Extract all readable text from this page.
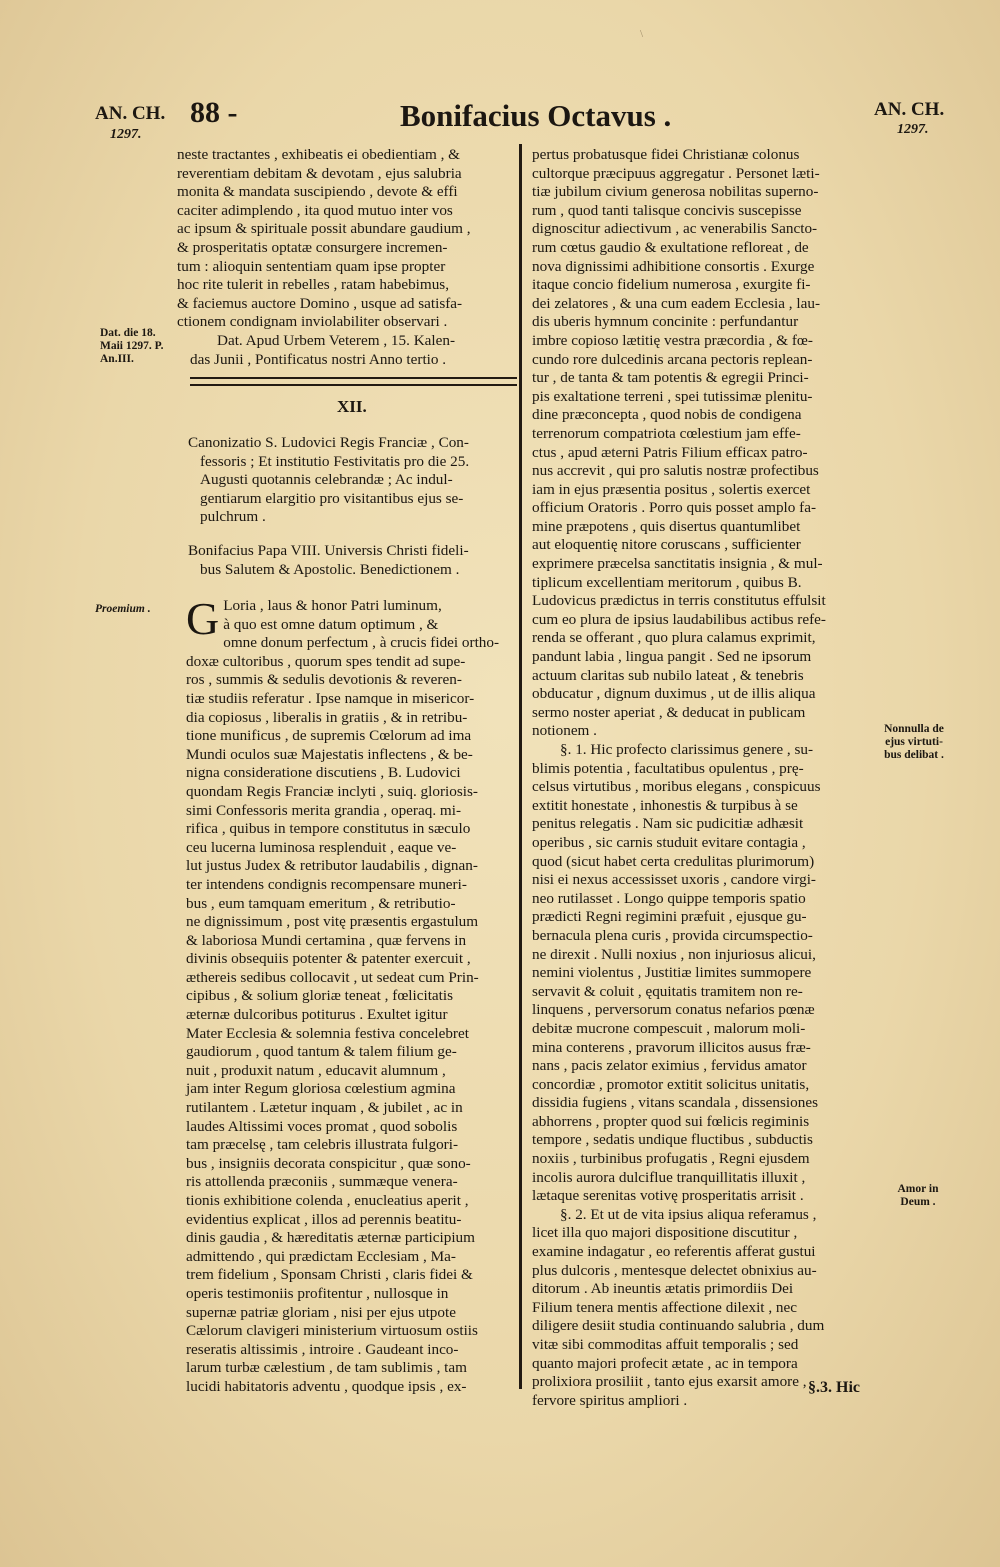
\
AN. CH.
1297.
88 -	Bonifacius Octavus .	AN. CH.
1297.
neste tractantes , exhibeatis ei obedientiam , &
reverentiam debitam & devotam , ejus salubria
monita & mandata suscipiendo , devote & effi
caciter adimplendo , ita quod mutuo inter vos
ac ipsum & spirituale possit abundare gaudium ,
& prosperitatis optatæ consurgere incremen-
tum : alioquin sententiam quam ipse propter
hoc rite tulerit in rebelles , ratam habebimus,
& faciemus auctore Domino , usque ad satisfa-
ctionem condignam inviolabiliter observari .
Dat. Apud Urbem Veterem , 15. Kalen-
das Junii , Pontificatus nostri Anno tertio .
XII.
Canonizatio S. Ludovici Regis Franciæ , Con-
fessoris ; Et institutio Festivitatis pro die 25.
Augusti quotannis celebrandæ ; Ac indul-
gentiarum elargitio pro visitantibus ejus se-
pulchrum .
Bonifacius Papa VIII. Universis Christi fideli-
bus Salutem & Apostolic. Benedictionem .
G Loria , laus & honor Patri luminum,
à quo est omne datum optimum , &
omne donum perfectum , à crucis fidei ortho-
doxæ cultoribus , quorum spes tendit ad supe-
ros , summis & sedulis devotionis & reveren-
tiæ studiis referatur . Ipse namque in misericor-
dia copiosus , liberalis in gratiis , & in retribu-
tione munificus , de supremis Cœlorum ad ima
Mundi oculos suæ Majestatis inflectens , & be-
nigna consideratione discutiens , B. Ludovici
quondam Regis Franciæ inclyti , suiq. gloriosis-
simi Confessoris merita grandia , operaq. mi-
rifica , quibus in tempore constitutus in sæculo
ceu lucerna luminosa resplenduit , eaque ve-
lut justus Judex & retributor laudabilis , dignan-
ter intendens condignis recompensare muneri-
bus , eum tamquam emeritum , & retributio-
ne dignissimum , post vitę præsentis ergastulum
& laboriosa Mundi certamina , quæ fervens in
divinis obsequiis potenter & patenter exercuit ,
æthereis sedibus collocavit , ut sedeat cum Prin-
cipibus , & solium gloriæ teneat , fœlicitatis
æternæ dulcoribus potiturus . Exultet igitur
Mater Ecclesia & solemnia festiva concelebret
gaudiorum , quod tantum & talem filium ge-
nuit , produxit natum , educavit alumnum ,
jam inter Regum gloriosa cœlestium agmina
rutilantem . Lætetur inquam , & jubilet , ac in
laudes Altissimi voces promat , quod sobolis
tam præcelsę , tam celebris illustrata fulgori-
bus , insigniis decorata conspicitur , quæ sono-
ris attollenda præconiis , summæque venera-
tionis exhibitione colenda , enucleatius aperit ,
evidentius explicat , illos ad perennis beatitu-
dinis gaudia , & hæreditatis æternæ participium
admittendo , qui prædictam Ecclesiam , Ma-
trem fidelium , Sponsam Christi , claris fidei &
operis testimoniis profitentur , nullosque in
supernæ patriæ gloriam , nisi per ejus utpote
Cælorum clavigeri ministerium virtuosum ostiis
reseratis altissimis , introire . Gaudeant inco-
larum turbæ cælestium , de tam sublimis , tam
lucidi habitatoris adventu , quodque ipsis , ex-
pertus probatusque fidei Christianæ colonus
cultorque præcipuus aggregatur . Personet læti-
tiæ jubilum civium generosa nobilitas superno-
rum , quod tanti talisque concivis suscepisse
dignoscitur adiectivum , ac venerabilis Sancto-
rum cœtus gaudio & exultatione refloreat , de
nova dignissimi adhibitione consortis . Exurge
itaque concio fidelium numerosa , exurgite fi-
dei zelatores , & una cum eadem Ecclesia , lau-
dis uberis hymnum concinite : perfundantur
imbre copioso lætitię vestra præcordia , & fœ-
cundo rore dulcedinis arcana pectoris replean-
tur , de tanta & tam potentis & egregii Princi-
pis exaltatione terreni , spei tutissimæ plenitu-
dine præconcepta , quod nobis de condigena
terrenorum compatriota cœlestium jam effe-
ctus , apud æterni Patris Filium efficax patro-
nus accrevit , qui pro salutis nostræ profectibus
iam in ejus præsentia positus , solertis exercet
officium Oratoris . Porro quis posset amplo fa-
mine præpotens , quis disertus quantumlibet
aut eloquentię nitore coruscans , sufficienter
exprimere præcelsa sanctitatis insignia , & mul-
tiplicum excellentiam meritorum , quibus B.
Ludovicus prædictus in terris constitutus effulsit
cum eo plura de ipsius laudabilibus actibus refe-
renda se offerant , quo plura calamus exprimit,
pandunt labia , lingua pangit . Sed ne ipsorum
actuum claritas sub nubilo lateat , & tenebris
obducatur , dignum duximus , ut de illis aliqua
sermo noster aperiat , & deducat in publicam
notionem .
§. 1. Hic profecto clarissimus genere , su-
blimis potentia , facultatibus opulentus , prę-
celsus virtutibus , moribus elegans , conspicuus
extitit honestate , inhonestis & turpibus à se
penitus relegatis . Nam sic pudicitiæ adhæsit
operibus , sic carnis studuit evitare contagia ,
quod (sicut habet certa credulitas plurimorum)
nisi ei nexus accessisset uxoris , candore virgi-
neo rutilasset . Longo quippe temporis spatio
prædicti Regni regimini præfuit , ejusque gu-
bernacula plena curis , provida circumspectio-
ne direxit . Nulli noxius , non injuriosus alicui,
nemini violentus , Justitiæ limites summopere
servavit & coluit , ęquitatis tramitem non re-
linquens , perversorum conatus nefarios pœnæ
debitæ mucrone compescuit , malorum moli-
mina conterens , pravorum illicitos ausus fræ-
nans , pacis zelator eximius , fervidus amator
concordiæ , promotor extitit solicitus unitatis,
dissidia fugiens , vitans scandala , dissensiones
abhorrens , propter quod sui fœlicis regiminis
tempore , sedatis undique fluctibus , subductis
noxiis , turbinibus profugatis , Regni ejusdem
incolis aurora dulciflue tranquillitatis illuxit ,
lætaque serenitas votivę prosperitatis arrisit .
§. 2. Et ut de vita ipsius aliqua referamus ,
licet illa quo majori dispositione discutitur ,
examine indagatur , eo referentis afferat gustui
plus dulcoris , mentesque delectet obnixius au-
ditorum . Ab ineuntis ætatis primordiis Dei
Filium tenera mentis affectione dilexit , nec
diligere desiit studia continuando salubria , dum
vitæ sibi commoditas affuit temporalis ; sed
quanto majori profecit ætate , ac in tempora
prolixiora prosiliit , tanto ejus exarsit amore ,
fervore spiritus ampliori .
§.3. Hic
Dat. die 18.
Maii 1297. P.
An.III.
Proemium .
Nonnulla de
ejus virtuti-
bus delibat .
Amor in
Deum .
